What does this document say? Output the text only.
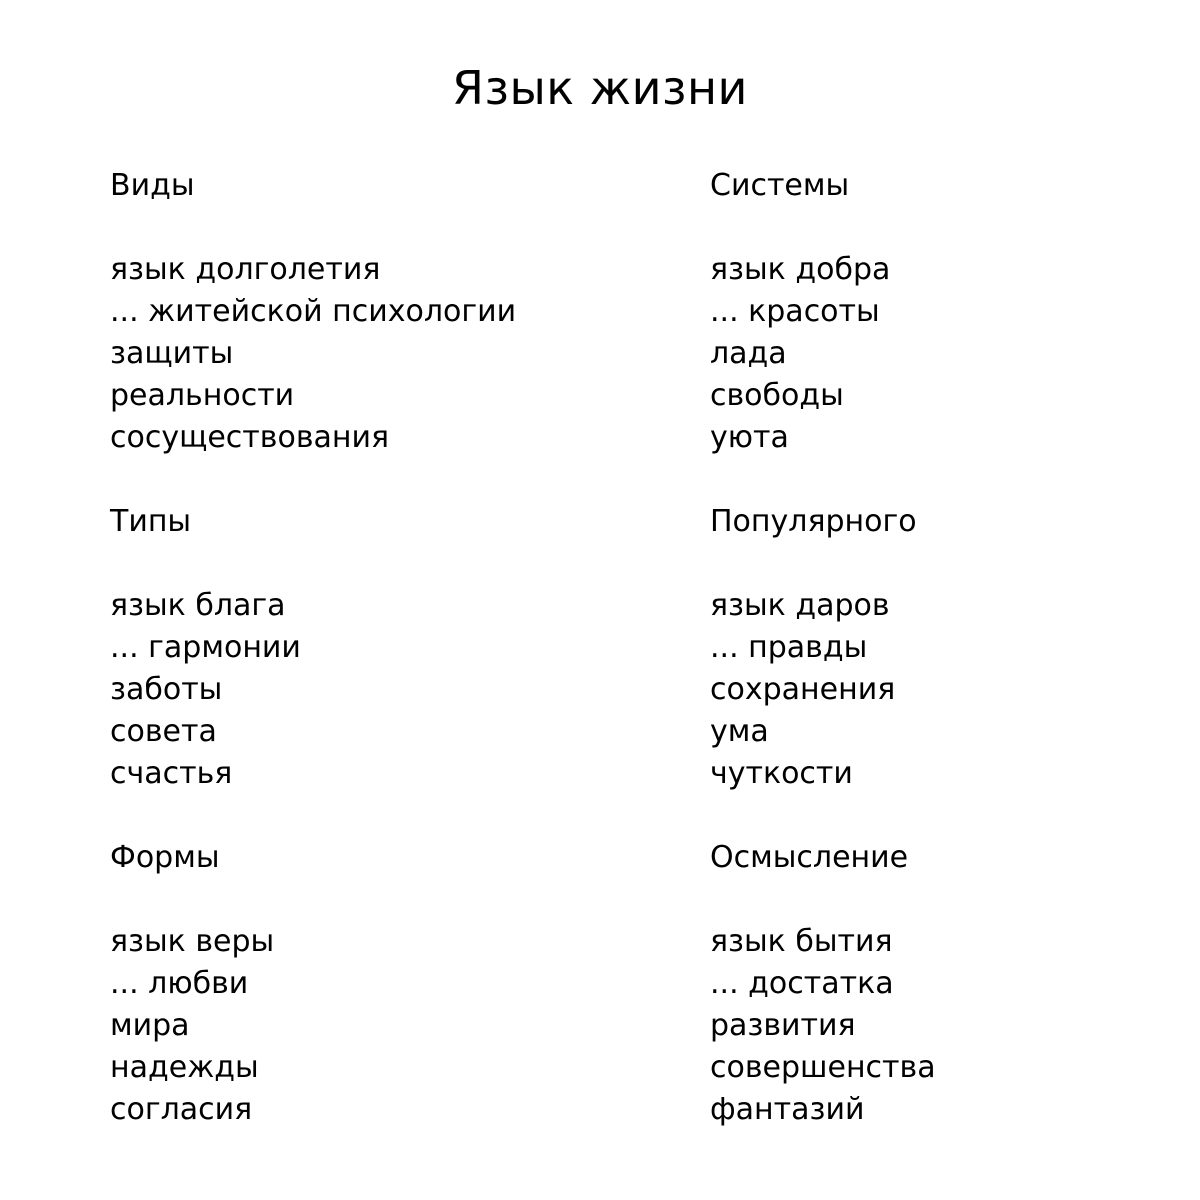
Язык жизни
Виды
язык долголетия
... житейской психологии
защиты
реальности
сосуществования
Типы
язык блага
... гармонии
заботы
совета
счастья
Формы
язык веры
... любви
мира
надежды
согласия
Системы
язык добра
... красоты
лада
свободы
уюта
Популярного
язык даров
... правды
сохранения
ума
чуткости
Осмысление
язык бытия
... достатка
развития
совершенства
фантазий
